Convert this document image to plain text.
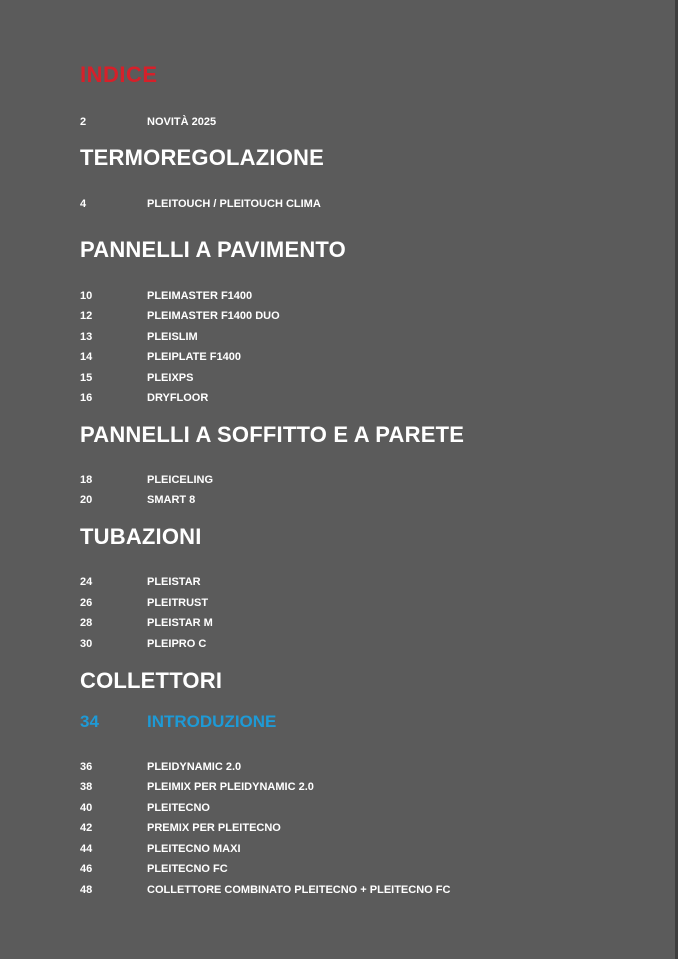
INDICE
2	NOVITÀ 2025
TERMOREGOLAZIONE
4	PLEITOUCH / PLEITOUCH CLIMA
PANNELLI A PAVIMENTO
10	PLEIMASTER F1400
12	PLEIMASTER F1400 DUO
13	PLEISLIM
14	PLEIPLATE F1400
15	PLEIXPS
16	DRYFLOOR
PANNELLI A SOFFITTO E A PARETE
18	PLEICELING
20	SMART 8
TUBAZIONI
24	PLEISTAR
26	PLEITRUST
28	PLEISTAR M
30	PLEIPRO C
COLLETTORI
34	INTRODUZIONE
36	PLEIDYNAMIC 2.0
38	PLEIMIX PER PLEIDYNAMIC 2.0
40	PLEITECNO
42	PREMIX PER PLEITECNO
44	PLEITECNO MAXI
46	PLEITECNO FC
48	COLLETTORE COMBINATO PLEITECNO + PLEITECNO FC
